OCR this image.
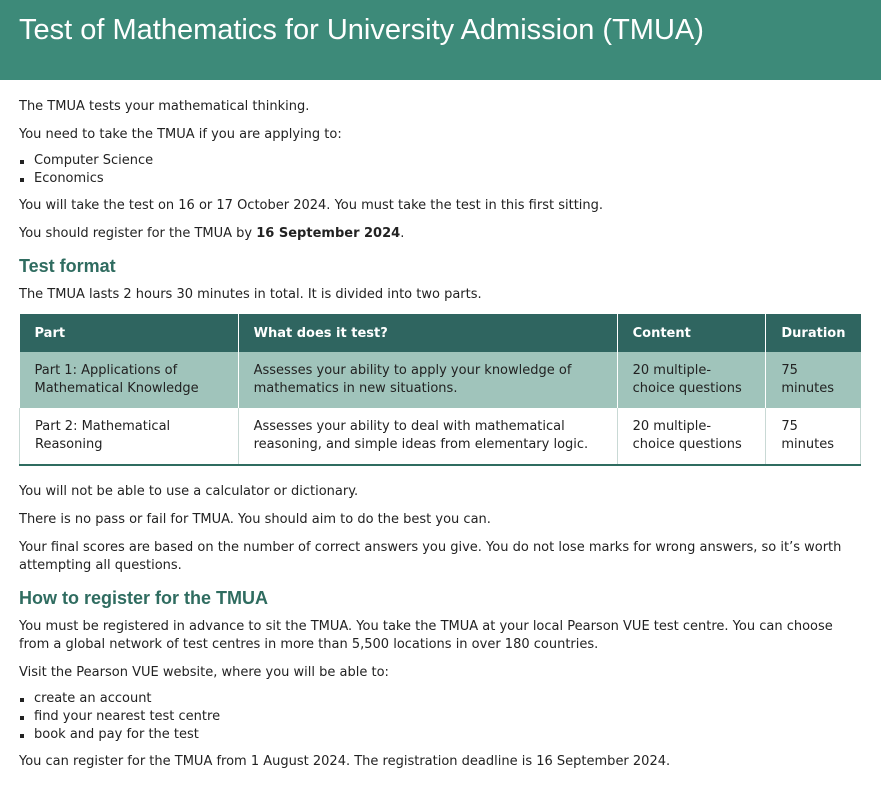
Test of Mathematics for University Admission (TMUA)

The TMUA tests your mathematical thinking.

You need to take the TMUA if you are applying to:

Computer Science
Economics

You will take the test on 16 or 17 October 2024. You must take the test in this first sitting.

You should register for the TMUA by 16 September 2024.

Test format

The TMUA lasts 2 hours 30 minutes in total. It is divided into two parts.

Part	What does it test?	Content	Duration
Part 1: Applications of Mathematical Knowledge	Assesses your ability to apply your knowledge of mathematics in new situations.	20 multiple-choice questions	75 minutes
Part 2: Mathematical Reasoning	Assesses your ability to deal with mathematical reasoning, and simple ideas from elementary logic.	20 multiple-choice questions	75 minutes

You will not be able to use a calculator or dictionary.

There is no pass or fail for TMUA. You should aim to do the best you can.

Your final scores are based on the number of correct answers you give. You do not lose marks for wrong answers, so it’s worth attempting all questions.

How to register for the TMUA

You must be registered in advance to sit the TMUA. You take the TMUA at your local Pearson VUE test centre. You can choose from a global network of test centres in more than 5,500 locations in over 180 countries.

Visit the Pearson VUE website, where you will be able to:

create an account
find your nearest test centre
book and pay for the test

You can register for the TMUA from 1 August 2024. The registration deadline is 16 September 2024.
